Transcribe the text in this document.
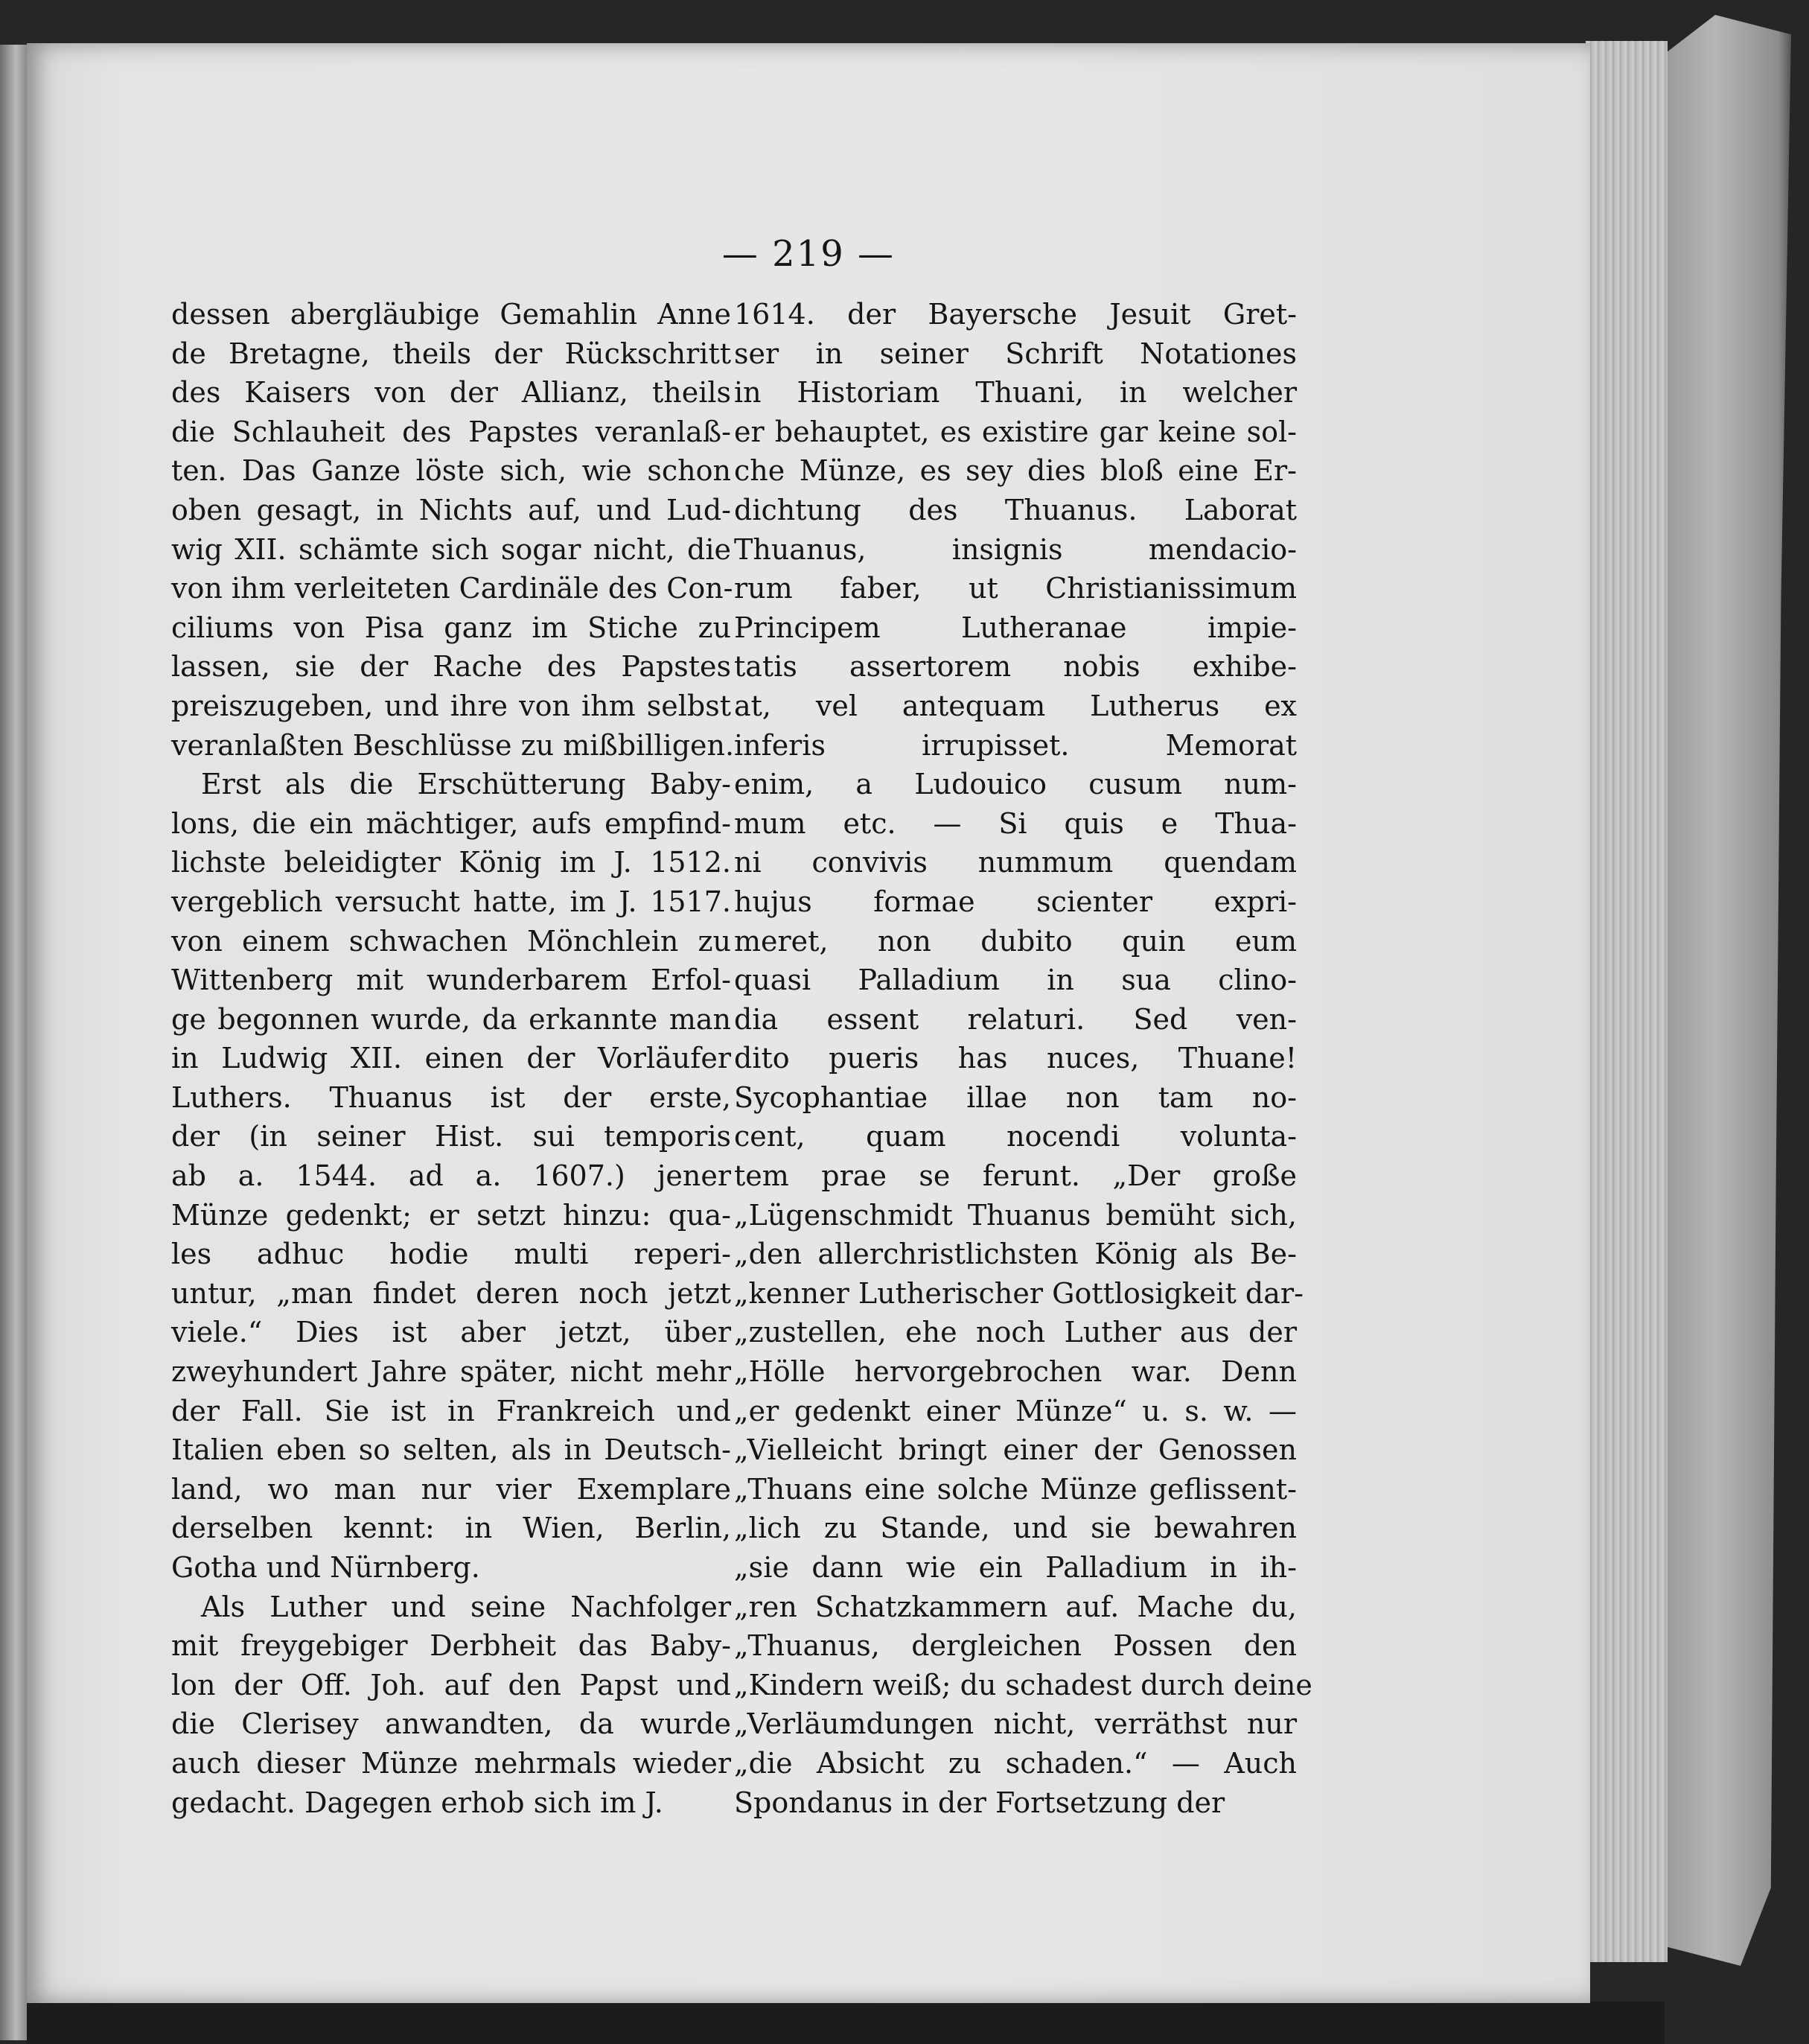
— 219 —
dessen abergläubige Gemahlin Anne
de Bretagne, theils der Rückschritt
des Kaisers von der Allianz, theils
die Schlauheit des Papstes veranlaß-
ten. Das Ganze löste sich, wie schon
oben gesagt, in Nichts auf, und Lud-
wig XII. schämte sich sogar nicht, die
von ihm verleiteten Cardinäle des Con-
ciliums von Pisa ganz im Stiche zu
lassen, sie der Rache des Papstes
preiszugeben, und ihre von ihm selbst
veranlaßten Beschlüsse zu mißbilligen.
Erst als die Erschütterung Baby-
lons, die ein mächtiger, aufs empfind-
lichste beleidigter König im J. 1512.
vergeblich versucht hatte, im J. 1517.
von einem schwachen Mönchlein zu
Wittenberg mit wunderbarem Erfol-
ge begonnen wurde, da erkannte man
in Ludwig XII. einen der Vorläufer
Luthers. Thuanus ist der erste,
der (in seiner Hist. sui temporis
ab a. 1544. ad a. 1607.) jener
Münze gedenkt; er setzt hinzu: qua-
les adhuc hodie multi reperi-
untur, „man findet deren noch jetzt
viele.“ Dies ist aber jetzt, über
zweyhundert Jahre später, nicht mehr
der Fall. Sie ist in Frankreich und
Italien eben so selten, als in Deutsch-
land, wo man nur vier Exemplare
derselben kennt: in Wien, Berlin,
Gotha und Nürnberg.
Als Luther und seine Nachfolger
mit freygebiger Derbheit das Baby-
lon der Off. Joh. auf den Papst und
die Clerisey anwandten, da wurde
auch dieser Münze mehrmals wieder
gedacht. Dagegen erhob sich im J.
1614. der Bayersche Jesuit Gret-
ser in seiner Schrift Notationes
in Historiam Thuani, in welcher
er behauptet, es existire gar keine sol-
che Münze, es sey dies bloß eine Er-
dichtung des Thuanus. Laborat
Thuanus, insignis mendacio-
rum faber, ut Christianissimum
Principem Lutheranae impie-
tatis assertorem nobis exhibe-
at, vel antequam Lutherus ex
inferis irrupisset. Memorat
enim, a Ludouico cusum num-
mum etc. — Si quis e Thua-
ni convivis nummum quendam
hujus formae scienter expri-
meret, non dubito quin eum
quasi Palladium in sua clino-
dia essent relaturi. Sed ven-
dito pueris has nuces, Thuane!
Sycophantiae illae non tam no-
cent, quam nocendi volunta-
tem prae se ferunt. „Der große
„Lügenschmidt Thuanus bemüht sich,
„den allerchristlichsten König als Be-
„kenner Lutherischer Gottlosigkeit dar-
„zustellen, ehe noch Luther aus der
„Hölle hervorgebrochen war. Denn
„er gedenkt einer Münze“ u. s. w. —
„Vielleicht bringt einer der Genossen
„Thuans eine solche Münze geflissent-
„lich zu Stande, und sie bewahren
„sie dann wie ein Palladium in ih-
„ren Schatzkammern auf. Mache du,
„Thuanus, dergleichen Possen den
„Kindern weiß; du schadest durch deine
„Verläumdungen nicht, verräthst nur
„die Absicht zu schaden.“ — Auch
Spondanus in der Fortsetzung der
